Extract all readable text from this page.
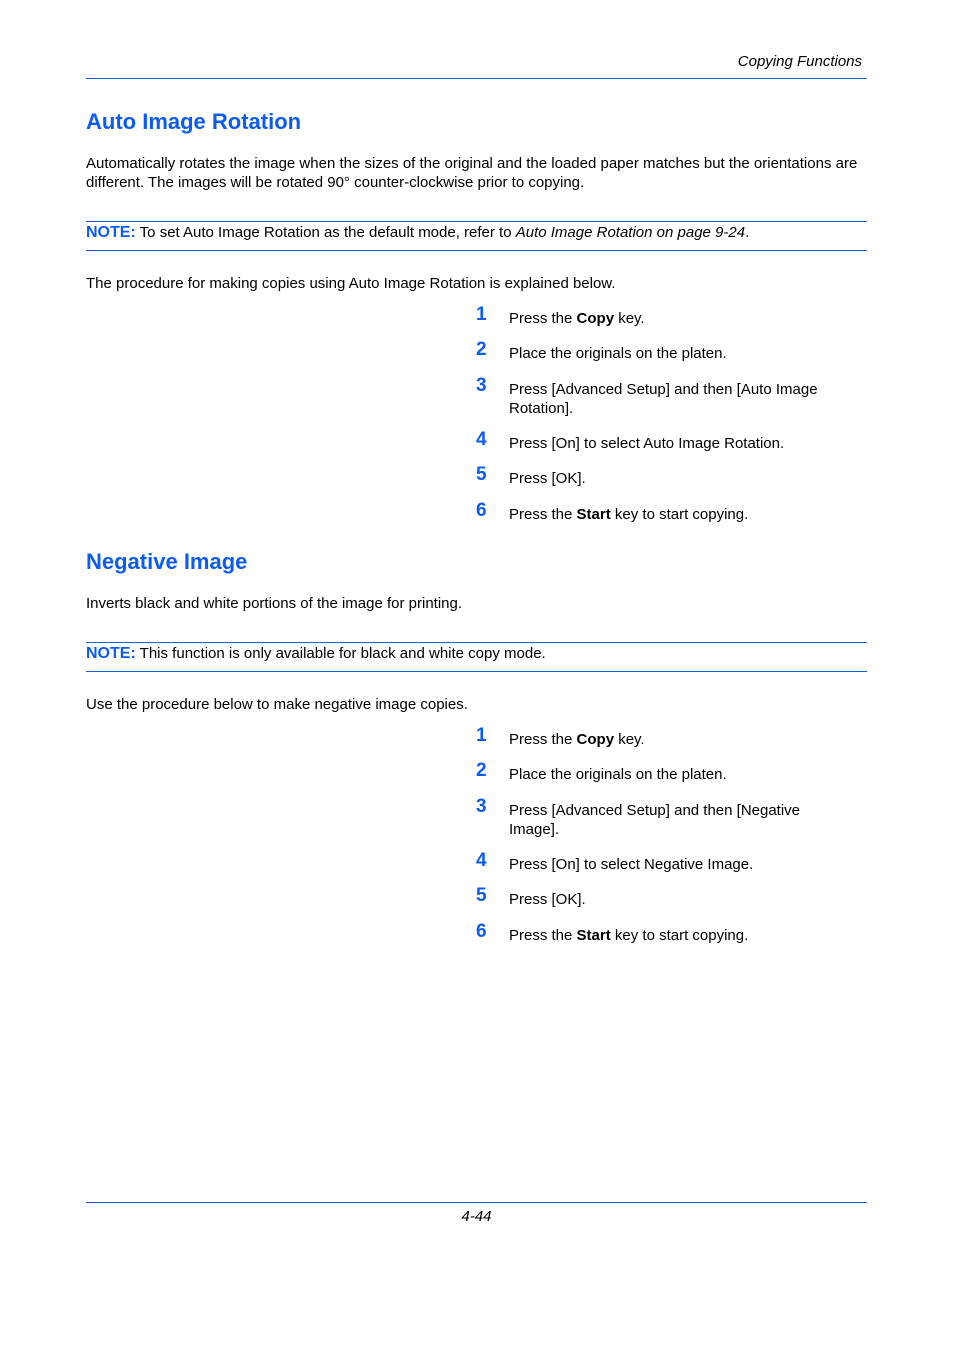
Copying Functions
Auto Image Rotation
Automatically rotates the image when the sizes of the original and the loaded paper matches but the orientations are different. The images will be rotated 90° counter-clockwise prior to copying.
NOTE: To set Auto Image Rotation as the default mode, refer to Auto Image Rotation on page 9-24.
The procedure for making copies using Auto Image Rotation is explained below.
1 Press the Copy key.
2 Place the originals on the platen.
3 Press [Advanced Setup] and then [Auto Image Rotation].
4 Press [On] to select Auto Image Rotation.
5 Press [OK].
6 Press the Start key to start copying.
Negative Image
Inverts black and white portions of the image for printing.
NOTE: This function is only available for black and white copy mode.
Use the procedure below to make negative image copies.
1 Press the Copy key.
2 Place the originals on the platen.
3 Press [Advanced Setup] and then [Negative Image].
4 Press [On] to select Negative Image.
5 Press [OK].
6 Press the Start key to start copying.
4-44
